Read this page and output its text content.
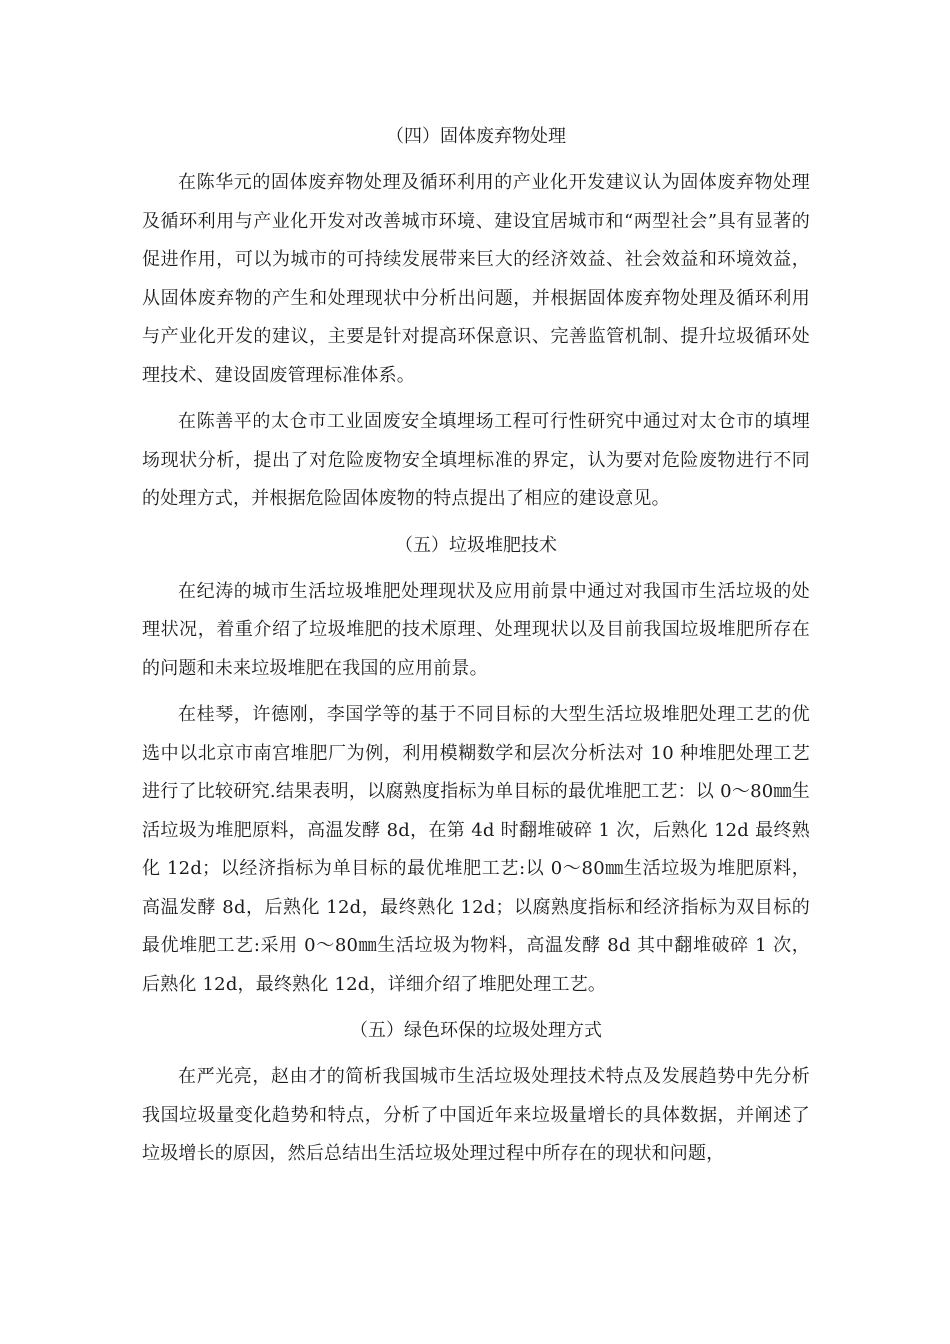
（四）固体废弃物处理

在陈华元的固体废弃物处理及循环利用的产业化开发建议认为固体废弃物处理及循环利用与产业化开发对改善城市环境、建设宜居城市和“两型社会”具有显著的促进作用，可以为城市的可持续发展带来巨大的经济效益、社会效益和环境效益，从固体废弃物的产生和处理现状中分析出问题，并根据固体废弃物处理及循环利用与产业化开发的建议，主要是针对提高环保意识、完善监管机制、提升垃圾循环处理技术、建设固废管理标准体系。

在陈善平的太仓市工业固废安全填埋场工程可行性研究中通过对太仓市的填埋场现状分析，提出了对危险废物安全填埋标准的界定，认为要对危险废物进行不同的处理方式，并根据危险固体废物的特点提出了相应的建设意见。

（五）垃圾堆肥技术

在纪涛的城市生活垃圾堆肥处理现状及应用前景中通过对我国市生活垃圾的处理状况，着重介绍了垃圾堆肥的技术原理、处理现状以及目前我国垃圾堆肥所存在的问题和未来垃圾堆肥在我国的应用前景。

在桂琴，许德刚，李国学等的基于不同目标的大型生活垃圾堆肥处理工艺的优选中以北京市南宫堆肥厂为例，利用模糊数学和层次分析法对 10 种堆肥处理工艺进行了比较研究.结果表明，以腐熟度指标为单目标的最优堆肥工艺：以 0～80㎜生活垃圾为堆肥原料，高温发酵 8d，在第 4d 时翻堆破碎 1 次，后熟化 12d 最终熟化 12d；以经济指标为单目标的最优堆肥工艺:以 0～80㎜生活垃圾为堆肥原料，高温发酵 8d，后熟化 12d，最终熟化 12d；以腐熟度指标和经济指标为双目标的最优堆肥工艺:采用 0～80㎜生活垃圾为物料，高温发酵 8d 其中翻堆破碎 1 次，后熟化 12d，最终熟化 12d，详细介绍了堆肥处理工艺。

（五）绿色环保的垃圾处理方式

在严光亮，赵由才的简析我国城市生活垃圾处理技术特点及发展趋势中先分析我国垃圾量变化趋势和特点，分析了中国近年来垃圾量增长的具体数据，并阐述了垃圾增长的原因，然后总结出生活垃圾处理过程中所存在的现状和问题，
